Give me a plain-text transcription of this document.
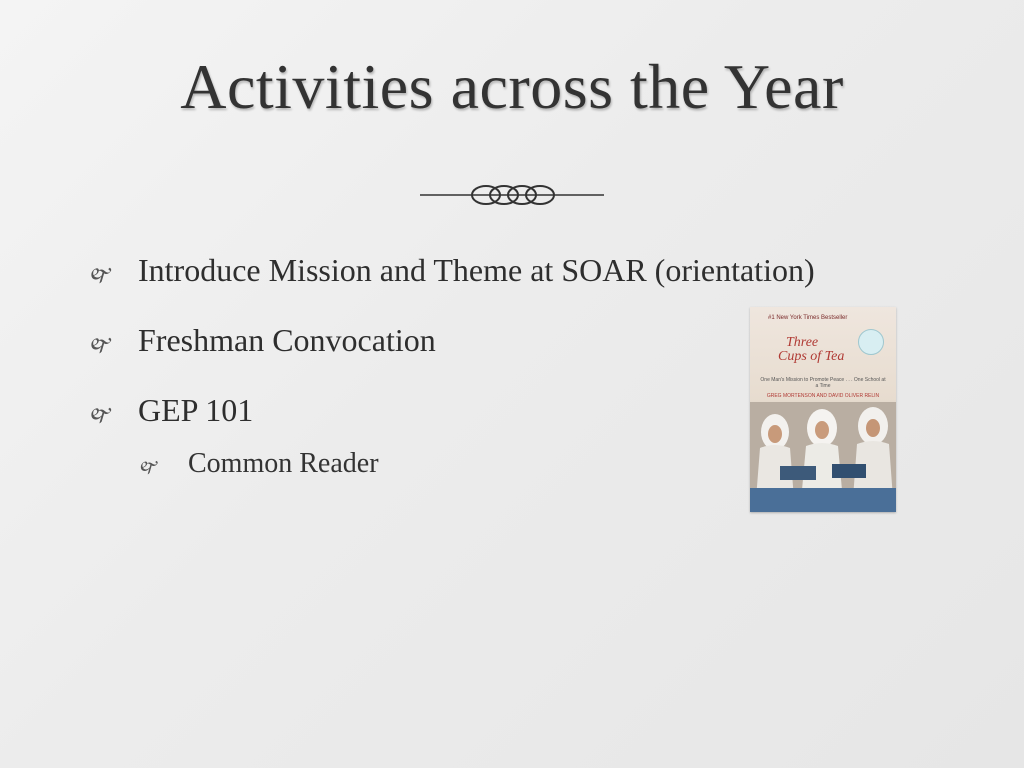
Activities across the Year
🙰 Introduce Mission and Theme at SOAR (orientation)
🙰 Freshman Convocation
🙰 GEP 101
🙰	Common Reader
#1 New York Times Bestseller
Three
Cups of Tea
One Man's Mission to Promote Peace . . . One School at a Time
GREG MORTENSON AND DAVID OLIVER RELIN
